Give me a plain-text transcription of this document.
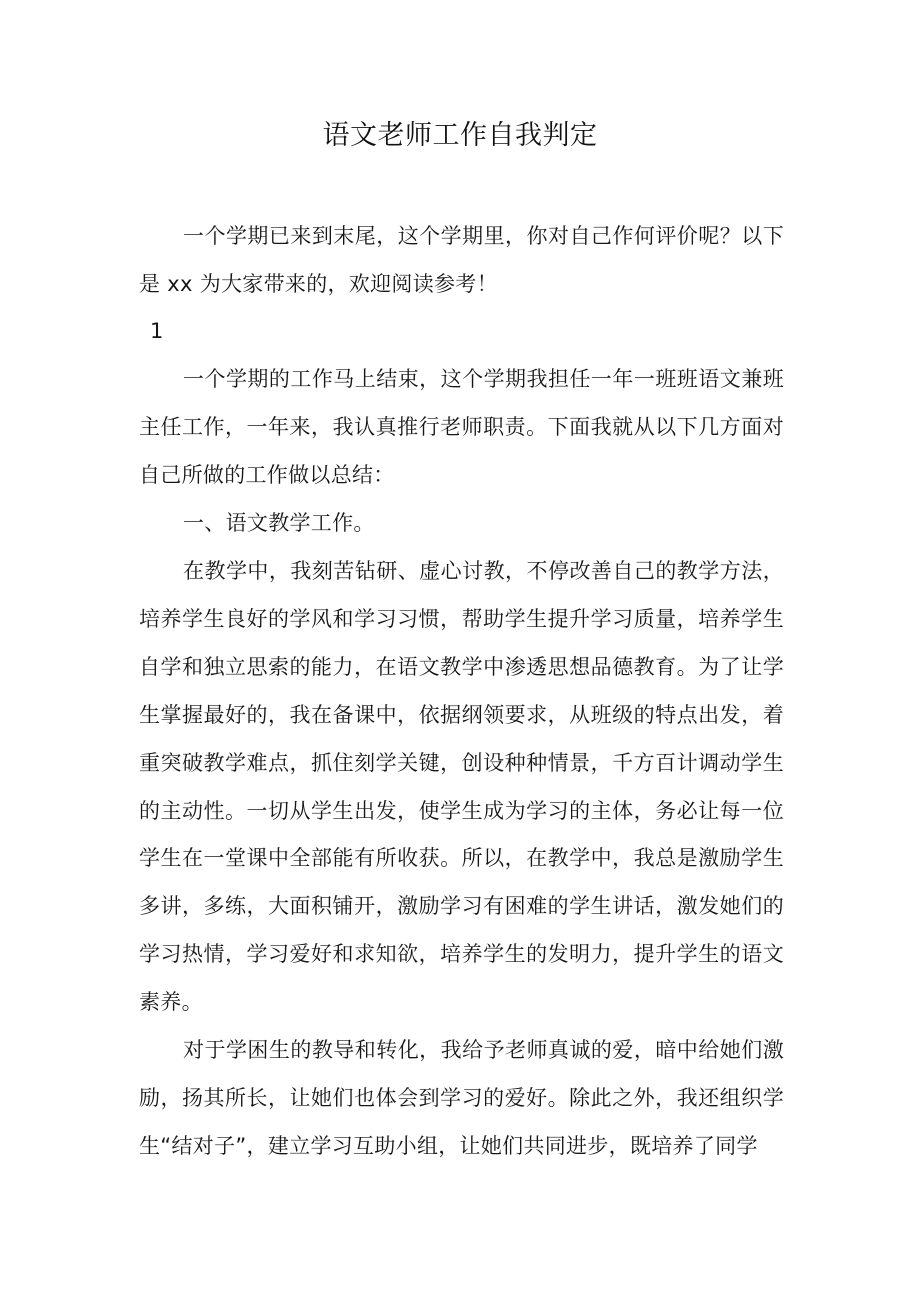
语文老师工作自我判定

一个学期已来到末尾，这个学期里，你对自己作何评价呢？以下是 xx 为大家带来的，欢迎阅读参考！

1

一个学期的工作马上结束，这个学期我担任一年一班班语文兼班主任工作，一年来，我认真推行老师职责。下面我就从以下几方面对自己所做的工作做以总结：

一、语文教学工作。

在教学中，我刻苦钻研、虚心讨教，不停改善自己的教学方法，培养学生良好的学风和学习习惯，帮助学生提升学习质量，培养学生自学和独立思索的能力，在语文教学中渗透思想品德教育。为了让学生掌握最好的，我在备课中，依据纲领要求，从班级的特点出发，着重突破教学难点，抓住刻学关键，创设种种情景，千方百计调动学生的主动性。一切从学生出发，使学生成为学习的主体，务必让每一位学生在一堂课中全部能有所收获。所以，在教学中，我总是激励学生多讲，多练，大面积铺开，激励学习有困难的学生讲话，激发她们的学习热情，学习爱好和求知欲，培养学生的发明力，提升学生的语文素养。

对于学困生的教导和转化，我给予老师真诚的爱，暗中给她们激励，扬其所长，让她们也体会到学习的爱好。除此之外，我还组织学生“结对子”，建立学习互助小组，让她们共同进步，既培养了同学
